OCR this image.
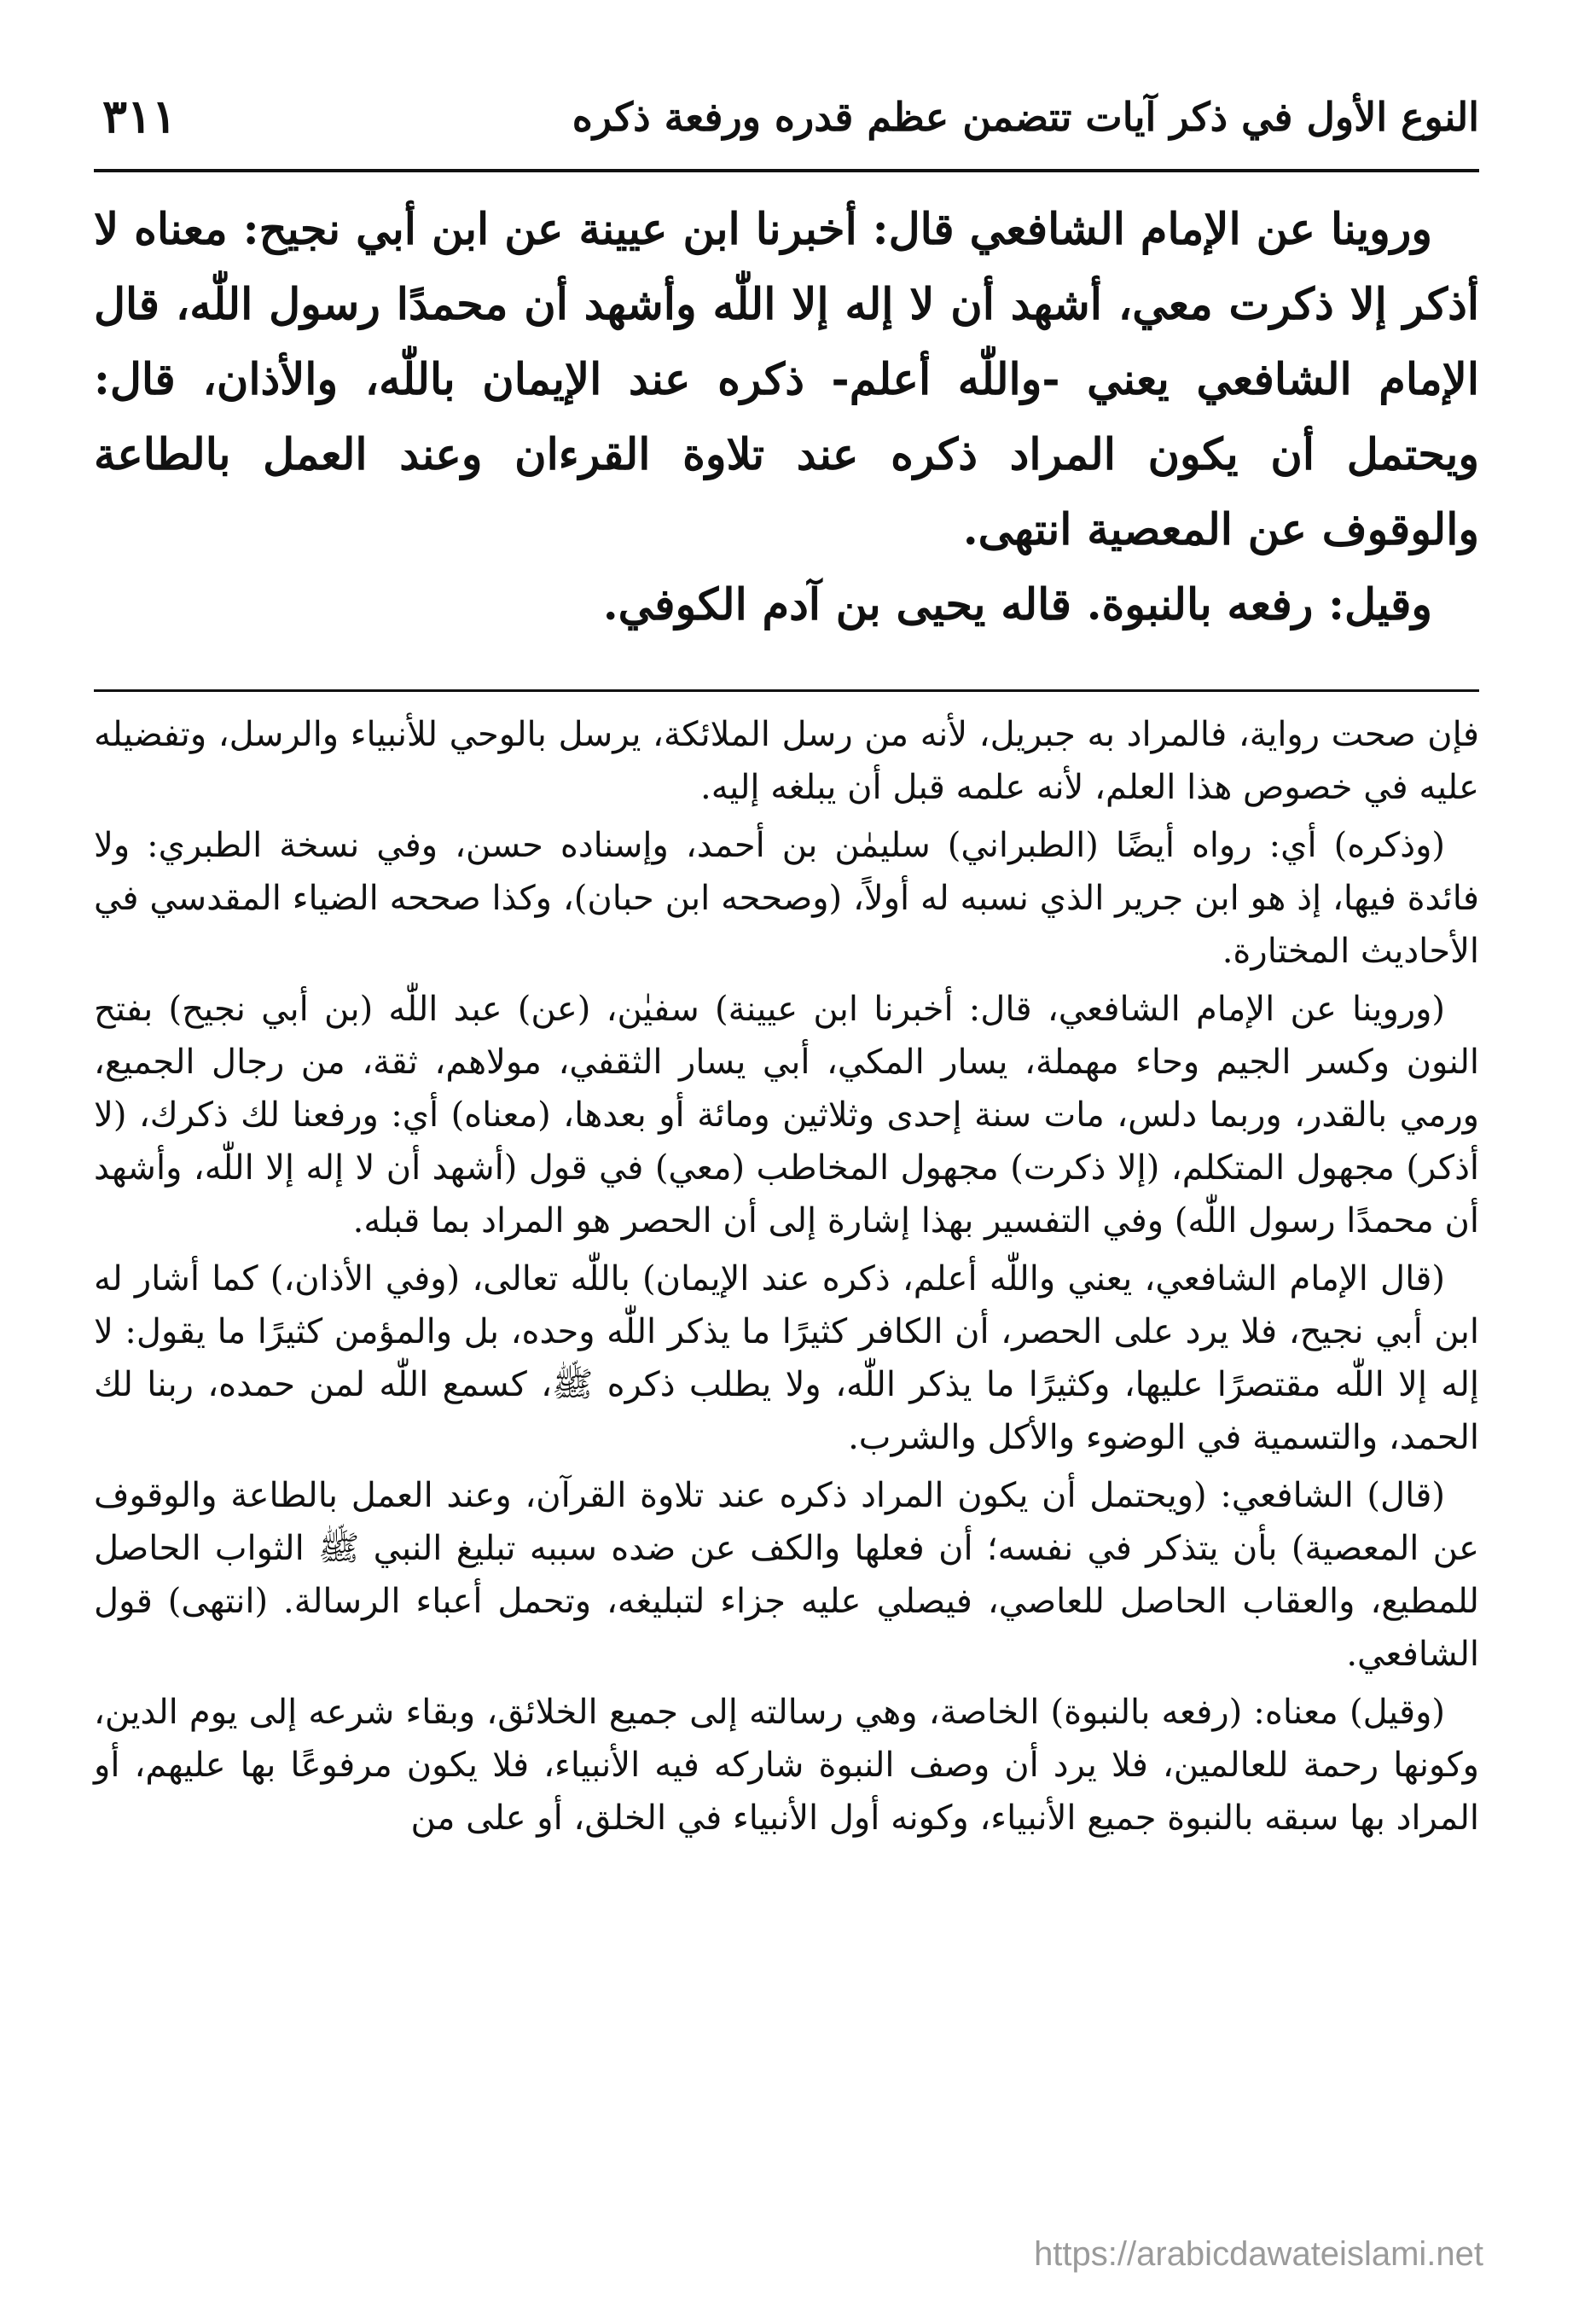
النوع الأول في ذكر آيات تتضمن عظم قدره ورفعة ذكره
٣١١

وروينا عن الإمام الشافعي قال: أخبرنا ابن عيينة عن ابن أبي نجيح: معناه لا أذكر إلا ذكرت معي، أشهد أن لا إله إلا اللّٰه وأشهد أن محمدًا رسول اللّٰه، قال الإمام الشافعي يعني -واللّٰه أعلم- ذكره عند الإيمان باللّٰه، والأذان، قال: ويحتمل أن يكون المراد ذكره عند تلاوة القرءان وعند العمل بالطاعة والوقوف عن المعصية انتهى.

وقيل: رفعه بالنبوة. قاله يحيى بن آدم الكوفي.

فإن صحت رواية، فالمراد به جبريل، لأنه من رسل الملائكة، يرسل بالوحي للأنبياء والرسل، وتفضيله عليه في خصوص هذا العلم، لأنه علمه قبل أن يبلغه إليه.

(وذكره) أي: رواه أيضًا (الطبراني) سليمٰن بن أحمد، وإسناده حسن، وفي نسخة الطبري: ولا فائدة فيها، إذ هو ابن جرير الذي نسبه له أولاً، (وصححه ابن حبان)، وكذا صححه الضياء المقدسي في الأحاديث المختارة.

(وروينا عن الإمام الشافعي، قال: أخبرنا ابن عيينة) سفيٰن، (عن) عبد اللّٰه (بن أبي نجيح) بفتح النون وكسر الجيم وحاء مهملة، يسار المكي، أبي يسار الثقفي، مولاهم، ثقة، من رجال الجميع، ورمي بالقدر، وربما دلس، مات سنة إحدى وثلاثين ومائة أو بعدها، (معناه) أي: ورفعنا لك ذكرك، (لا أذكر) مجهول المتكلم، (إلا ذكرت) مجهول المخاطب (معي) في قول (أشهد أن لا إله إلا اللّٰه، وأشهد أن محمدًا رسول اللّٰه) وفي التفسير بهذا إشارة إلى أن الحصر هو المراد بما قبله.

(قال الإمام الشافعي، يعني واللّٰه أعلم، ذكره عند الإيمان) باللّٰه تعالى، (وفي الأذان،) كما أشار له ابن أبي نجيح، فلا يرد على الحصر، أن الكافر كثيرًا ما يذكر اللّٰه وحده، بل والمؤمن كثيرًا ما يقول: لا إله إلا اللّٰه مقتصرًا عليها، وكثيرًا ما يذكر اللّٰه، ولا يطلب ذكره ﷺ، كسمع اللّٰه لمن حمده، ربنا لك الحمد، والتسمية في الوضوء والأكل والشرب.

(قال) الشافعي: (ويحتمل أن يكون المراد ذكره عند تلاوة القرآن، وعند العمل بالطاعة والوقوف عن المعصية) بأن يتذكر في نفسه؛ أن فعلها والكف عن ضده سببه تبليغ النبي ﷺ الثواب الحاصل للمطيع، والعقاب الحاصل للعاصي، فيصلي عليه جزاء لتبليغه، وتحمل أعباء الرسالة. (انتهى) قول الشافعي.

(وقيل) معناه: (رفعه بالنبوة) الخاصة، وهي رسالته إلى جميع الخلائق، وبقاء شرعه إلى يوم الدين، وكونها رحمة للعالمين، فلا يرد أن وصف النبوة شاركه فيه الأنبياء، فلا يكون مرفوعًا بها عليهم، أو المراد بها سبقه بالنبوة جميع الأنبياء، وكونه أول الأنبياء في الخلق، أو على من

https://arabicdawateislami.net
